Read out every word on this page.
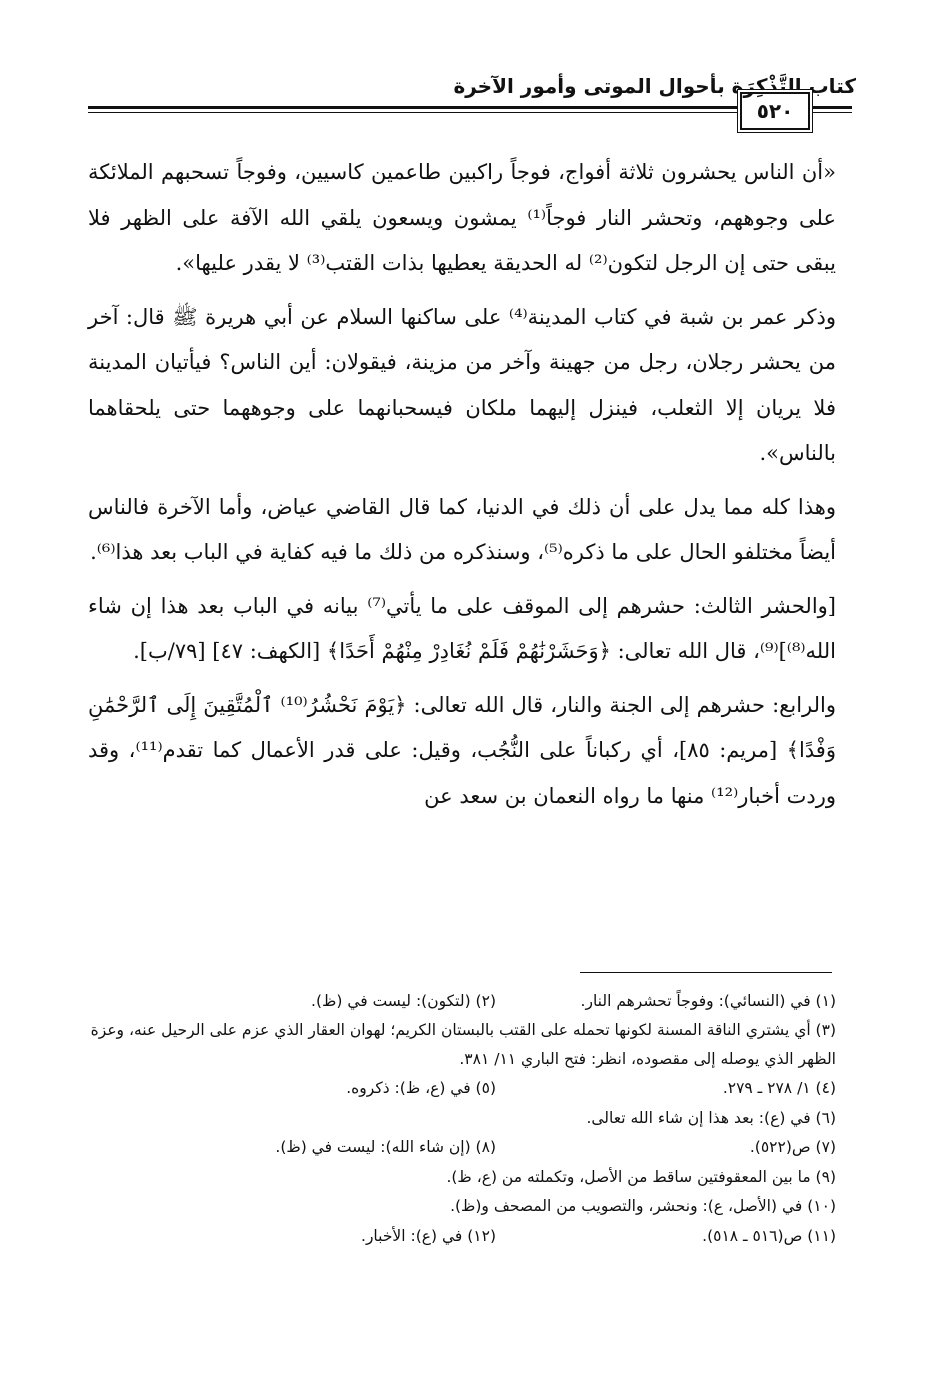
كتاب التَّذْكِرَة بأحوال الموتى وأمور الآخرة
٥٢٠

«أن الناس يحشرون ثلاثة أفواج، فوجاً راكبين طاعمين كاسيين، وفوجاً تسحبهم الملائكة على وجوههم، وتحشر النار فوجاً⁽¹⁾ يمشون ويسعون يلقي الله الآفة على الظهر فلا يبقى حتى إن الرجل لتكون⁽²⁾ له الحديقة يعطيها بذات القتب⁽³⁾ لا يقدر عليها».

وذكر عمر بن شبة في كتاب المدينة⁽⁴⁾ على ساكنها السلام عن أبي هريرة ﷺ قال: آخر من يحشر رجلان، رجل من جهينة وآخر من مزينة، فيقولان: أين الناس؟ فيأتيان المدينة فلا يريان إلا الثعلب، فينزل إليهما ملكان فيسحبانهما على وجوههما حتى يلحقاهما بالناس».

وهذا كله مما يدل على أن ذلك في الدنيا، كما قال القاضي عياض، وأما الآخرة فالناس أيضاً مختلفو الحال على ما ذكره⁽⁵⁾، وسنذكره من ذلك ما فيه كفاية في الباب بعد هذا⁽⁶⁾.

[والحشر الثالث: حشرهم إلى الموقف على ما يأتي⁽⁷⁾ بيانه في الباب بعد هذا إن شاء الله⁽⁸⁾]⁽⁹⁾، قال الله تعالى: ﴿وَحَشَرْنَٰهُمْ فَلَمْ نُغَادِرْ مِنْهُمْ أَحَدًا﴾ [الكهف: ٤٧] [٧٩/ب].

والرابع: حشرهم إلى الجنة والنار، قال الله تعالى: ﴿يَوْمَ نَحْشُرُ⁽¹⁰⁾ ٱلْمُتَّقِينَ إِلَى ٱلرَّحْمَٰنِ وَفْدًا﴾ [مريم: ٨٥]، أي ركباناً على النُّجُب، وقيل: على قدر الأعمال كما تقدم⁽¹¹⁾، وقد وردت أخبار⁽¹²⁾ منها ما رواه النعمان بن سعد عن

(١) في (النسائي): وفوجاً تحشرهم النار.
(٢) (لتكون): ليست في (ظ).
(٣) أي يشتري الناقة المسنة لكونها تحمله على القتب بالبستان الكريم؛ لهوان العقار الذي عزم على الرحيل عنه، وعزة الظهر الذي يوصله إلى مقصوده، انظر: فتح الباري ١١/ ٣٨١.
(٤) ١/ ٢٧٨ ـ ٢٧٩.
(٥) في (ع، ظ): ذكروه.
(٦) في (ع): بعد هذا إن شاء الله تعالى.
(٧) ص(٥٢٢).
(٨) (إن شاء الله): ليست في (ظ).
(٩) ما بين المعقوفتين ساقط من الأصل، وتكملته من (ع، ظ).
(١٠) في (الأصل، ع): ونحشر، والتصويب من المصحف و(ظ).
(١١) ص(٥١٦ ـ ٥١٨).
(١٢) في (ع): الأخبار.
